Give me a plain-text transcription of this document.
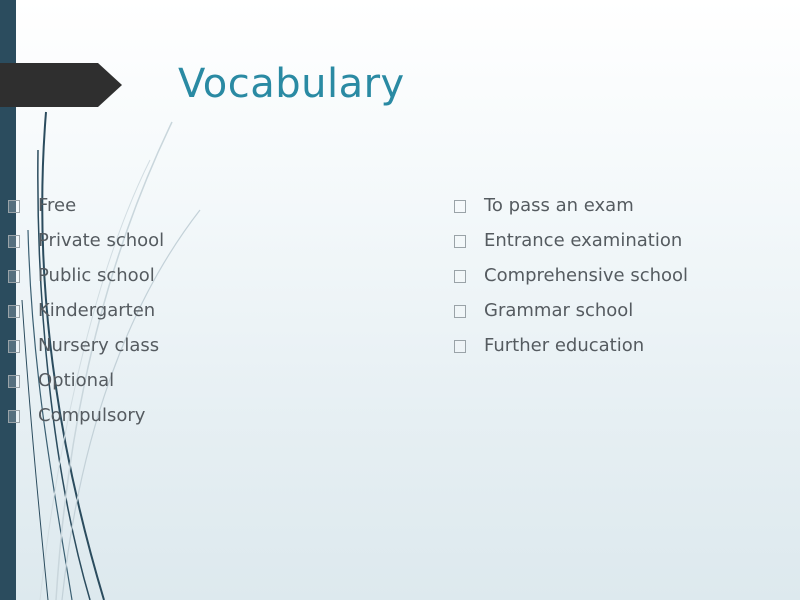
Vocabulary
Free
Private school
Public school
Kindergarten
Nursery class
Optional
Compulsory
To pass an exam
Entrance examination
Comprehensive school
Grammar school
Further education
